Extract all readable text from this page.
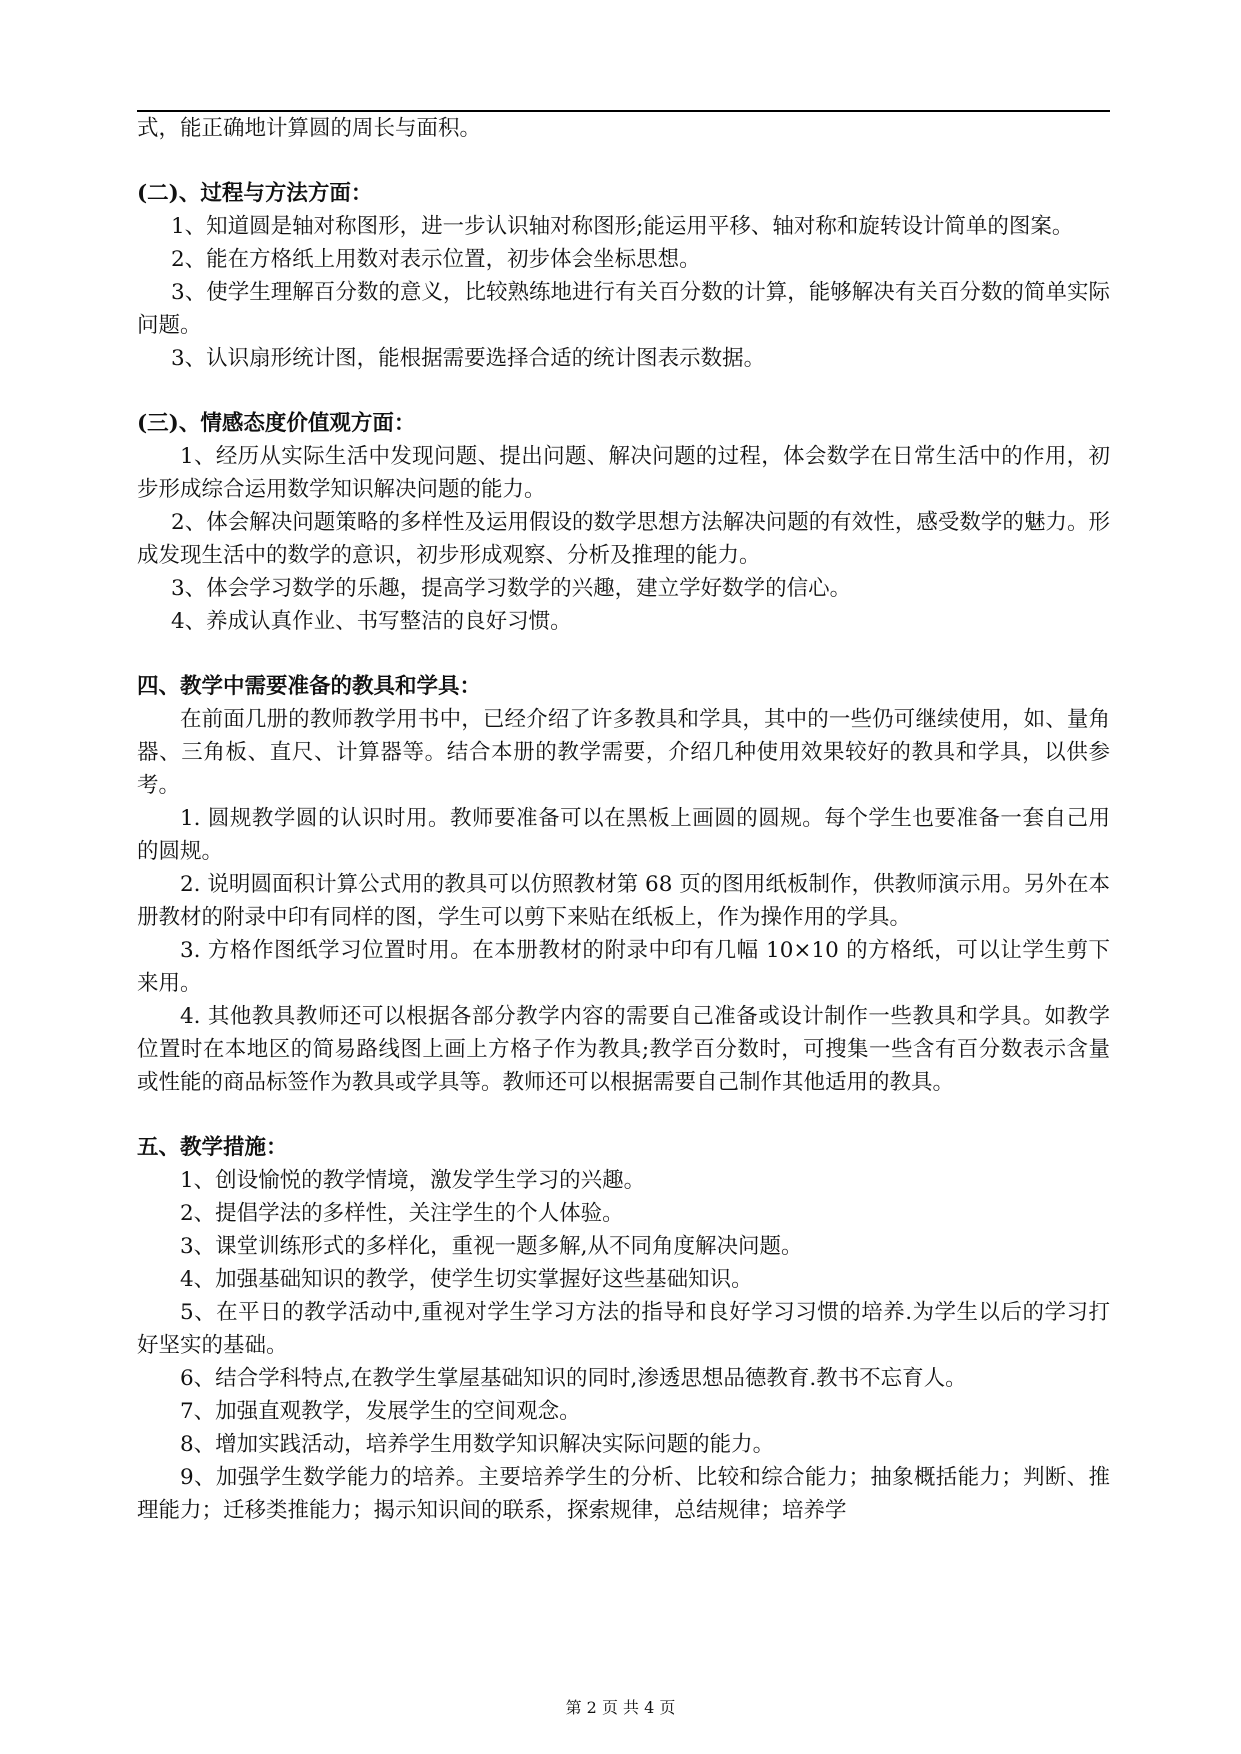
式，能正确地计算圆的周长与面积。

(二)、过程与方法方面：

1、知道圆是轴对称图形，进一步认识轴对称图形;能运用平移、轴对称和旋转设计简单的图案。

2、能在方格纸上用数对表示位置，初步体会坐标思想。

3、使学生理解百分数的意义，比较熟练地进行有关百分数的计算，能够解决有关百分数的简单实际问题。

3、认识扇形统计图，能根据需要选择合适的统计图表示数据。

(三)、情感态度价值观方面：

1、经历从实际生活中发现问题、提出问题、解决问题的过程，体会数学在日常生活中的作用，初步形成综合运用数学知识解决问题的能力。

2、体会解决问题策略的多样性及运用假设的数学思想方法解决问题的有效性，感受数学的魅力。形成发现生活中的数学的意识，初步形成观察、分析及推理的能力。

3、体会学习数学的乐趣，提高学习数学的兴趣，建立学好数学的信心。

4、养成认真作业、书写整洁的良好习惯。

四、教学中需要准备的教具和学具：

在前面几册的教师教学用书中，已经介绍了许多教具和学具，其中的一些仍可继续使用，如、量角器、三角板、直尺、计算器等。结合本册的教学需要，介绍几种使用效果较好的教具和学具，以供参考。

1. 圆规教学圆的认识时用。教师要准备可以在黑板上画圆的圆规。每个学生也要准备一套自己用的圆规。

2. 说明圆面积计算公式用的教具可以仿照教材第 68 页的图用纸板制作，供教师演示用。另外在本册教材的附录中印有同样的图，学生可以剪下来贴在纸板上，作为操作用的学具。

3. 方格作图纸学习位置时用。在本册教材的附录中印有几幅 10×10 的方格纸，可以让学生剪下来用。

4. 其他教具教师还可以根据各部分教学内容的需要自己准备或设计制作一些教具和学具。如教学位置时在本地区的简易路线图上画上方格子作为教具;教学百分数时，可搜集一些含有百分数表示含量或性能的商品标签作为教具或学具等。教师还可以根据需要自己制作其他适用的教具。

五、教学措施：

1、创设愉悦的教学情境，激发学生学习的兴趣。

2、提倡学法的多样性，关注学生的个人体验。

3、课堂训练形式的多样化，重视一题多解,从不同角度解决问题。

4、加强基础知识的教学，使学生切实掌握好这些基础知识。

5、在平日的教学活动中,重视对学生学习方法的指导和良好学习习惯的培养.为学生以后的学习打好坚实的基础。

6、结合学科特点,在教学生掌屋基础知识的同时,渗透思想品德教育.教书不忘育人。

7、加强直观教学，发展学生的空间观念。

8、增加实践活动，培养学生用数学知识解决实际问题的能力。

9、加强学生数学能力的培养。主要培养学生的分析、比较和综合能力；抽象概括能力；判断、推理能力；迁移类推能力；揭示知识间的联系，探索规律，总结规律；培养学

第 2 页 共 4 页
